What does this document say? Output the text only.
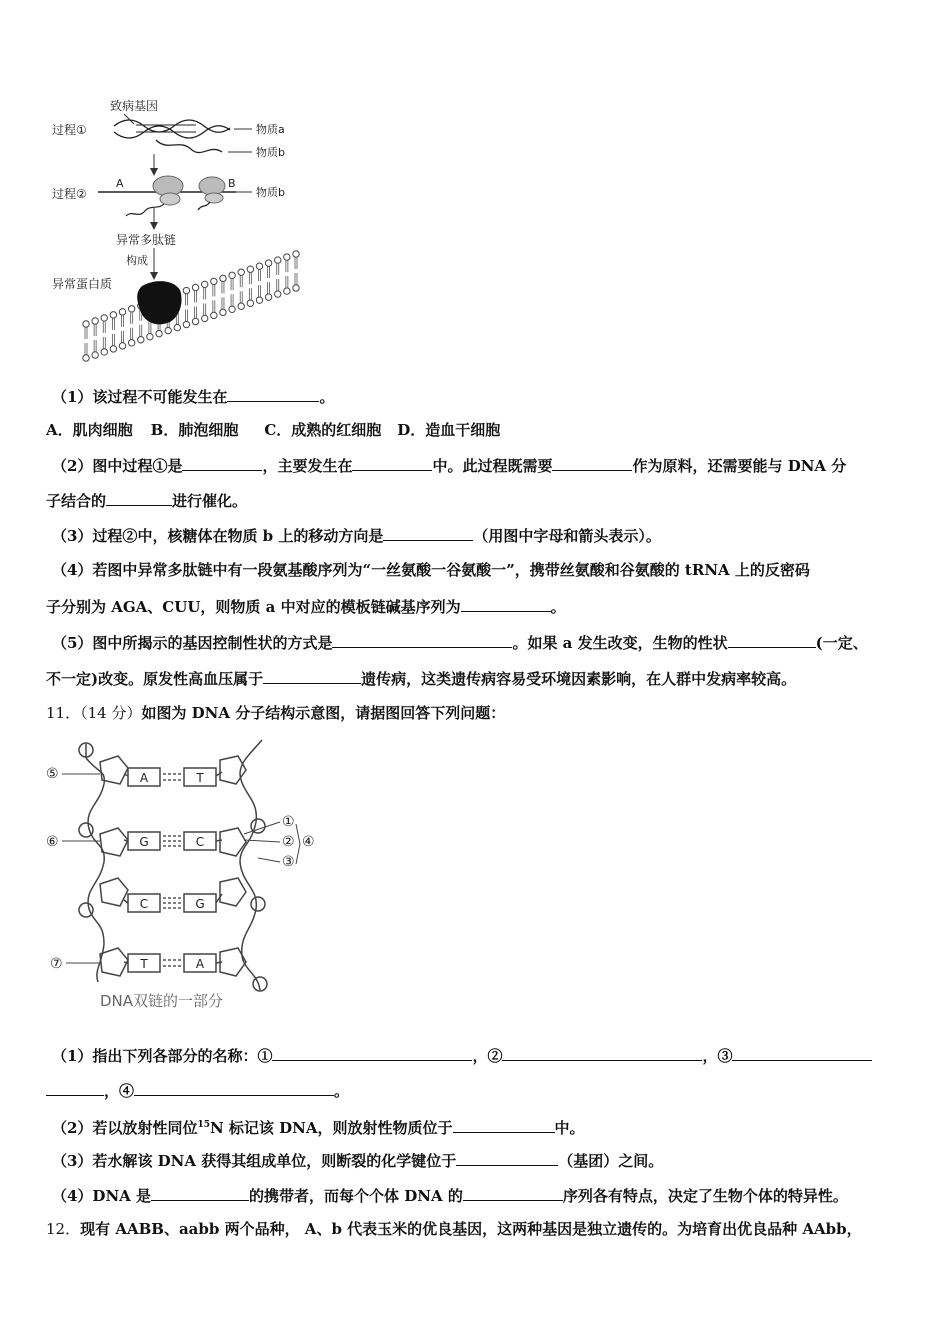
致病基因
过程①	物质a
物质b
过程②
A	B
物质b
异常多肽链
构成
异常蛋白质
（1）该过程不可能发生在	。
A．肌肉细胞 B．肺泡细胞 C．成熟的红细胞 D．造血干细胞
（2）图中过程①是	，主要发生在	中。此过程既需要	作为原料，还需要能与 DNA 分
子结合的	进行催化。
（3）过程②中，核糖体在物质 b 上的移动方向是	（用图中字母和箭头表示）。
（4）若图中异常多肽链中有一段氨基酸序列为“一丝氨酸一谷氨酸一”，携带丝氨酸和谷氨酸的 tRNA 上的反密码
子分别为 AGA、CUU，则物质 a 中对应的模板链碱基序列为	。
（5）图中所揭示的基因控制性状的方式是	。如果 a 发生改变，生物的性状	(一定、
不一定)改变。原发性高血压属于	遗传病，这类遗传病容易受环境因素影响，在人群中发病率较高。
11．（14 分）如图为 DNA 分子结构示意图，请据图回答下列问题：
A	T
G	C
C	G
T	A
⑤
⑥
⑦
①
②
③
④
DNA双链的一部分
（1）指出下列各部分的名称：①	，②	，③
，④	。
（2）若以放射性同位$^{15}$N 标记该 DNA，则放射性物质位于	中。
（3）若水解该 DNA 获得其组成单位，则断裂的化学键位于	（基团）之间。
（4）DNA 是	的携带者，而每个个体 DNA 的	序列各有特点，决定了生物个体的特异性。
12．现有 AABB、aabb 两个品种， A、b 代表玉米的优良基因，这两种基因是独立遗传的。为培育出优良品种 AAbb，
